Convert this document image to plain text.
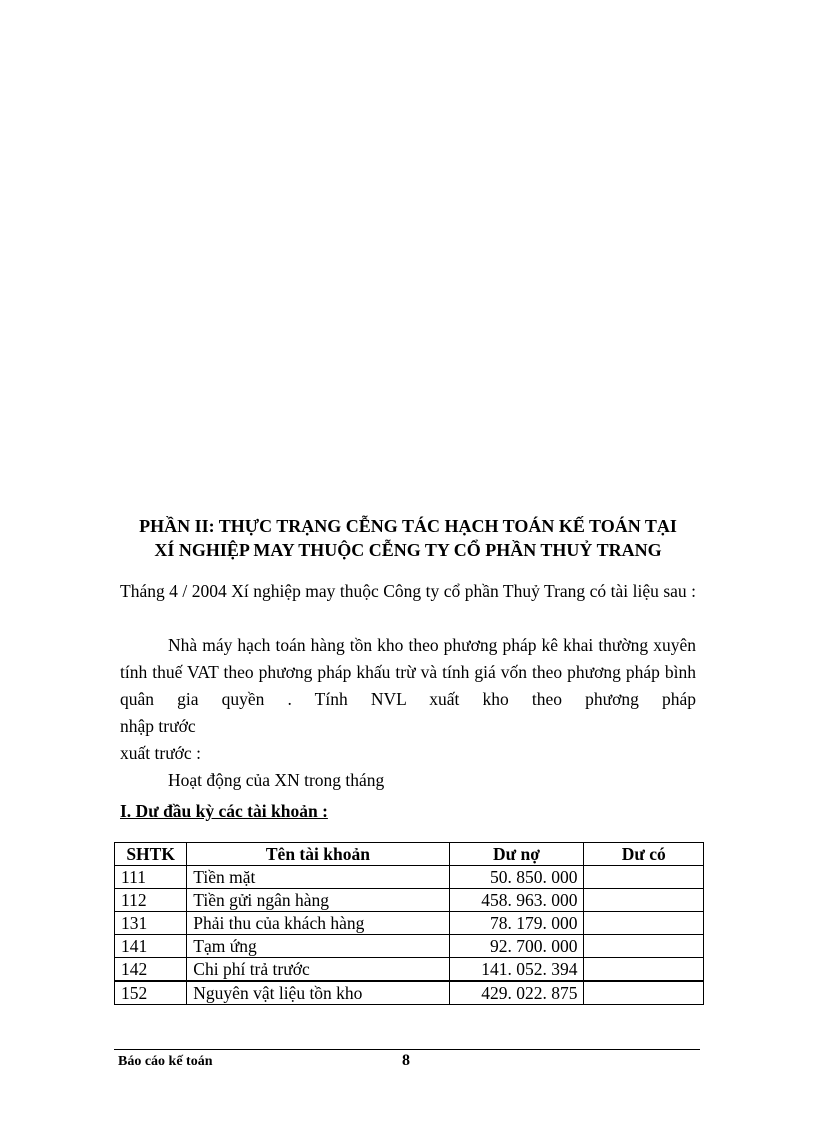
PHẦN II: THỰC TRẠNG CỄNG TÁC HẠCH TOÁN KẾ TOÁN TẠI
XÍ NGHIỆP MAY THUỘC CỄNG TY CỔ PHẦN THUỶ TRANG
Tháng 4 / 2004 Xí nghiệp may thuộc Công ty cổ phần Thuỷ Trang có tài liệu sau :
Nhà máy hạch toán hàng tồn kho theo phương pháp kê khai thường xuyên tính thuế VAT theo phương pháp khấu trừ và tính giá vốn theo phương pháp bình quân gia quyền . Tính NVL xuất kho theo phương pháp
nhập trước
xuất trước :
Hoạt động của XN trong tháng
I. Dư đầu kỳ các tài khoản :
SHTK	Tên tài khoản	Dư nợ	Dư có
111	Tiền mặt	50. 850. 000	
112	Tiền gửi ngân hàng	458. 963. 000	
131	Phải thu của khách hàng	78. 179. 000	
141	Tạm ứng	92. 700. 000	
142	Chi phí trả trước	141. 052. 394	
152	Nguyên vật liệu tồn kho	429. 022. 875	
Báo cáo kế toán	8
